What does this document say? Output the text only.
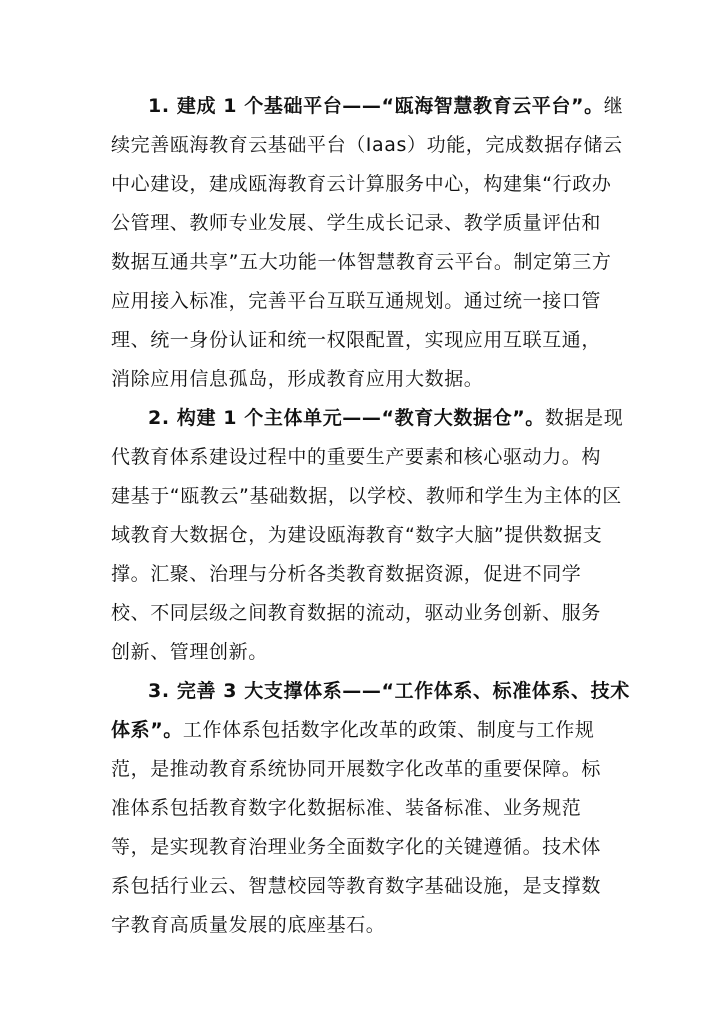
1. 建成 1 个基础平台——“瓯海智慧教育云平台”。继
续完善瓯海教育云基础平台（Iaas）功能，完成数据存储云
中心建设，建成瓯海教育云计算服务中心，构建集“行政办
公管理、教师专业发展、学生成长记录、教学质量评估和
数据互通共享”五大功能一体智慧教育云平台。制定第三方
应用接入标准，完善平台互联互通规划。通过统一接口管
理、统一身份认证和统一权限配置，实现应用互联互通，
消除应用信息孤岛，形成教育应用大数据。
2. 构建 1 个主体单元——“教育大数据仓”。数据是现
代教育体系建设过程中的重要生产要素和核心驱动力。构
建基于“瓯教云”基础数据，以学校、教师和学生为主体的区
域教育大数据仓，为建设瓯海教育“数字大脑”提供数据支
撑。汇聚、治理与分析各类教育数据资源，促进不同学
校、不同层级之间教育数据的流动，驱动业务创新、服务
创新、管理创新。
3. 完善 3 大支撑体系——“工作体系、标准体系、技术
体系”。工作体系包括数字化改革的政策、制度与工作规
范，是推动教育系统协同开展数字化改革的重要保障。标
准体系包括教育数字化数据标准、装备标准、业务规范
等，是实现教育治理业务全面数字化的关键遵循。技术体
系包括行业云、智慧校园等教育数字基础设施，是支撑数
字教育高质量发展的底座基石。
